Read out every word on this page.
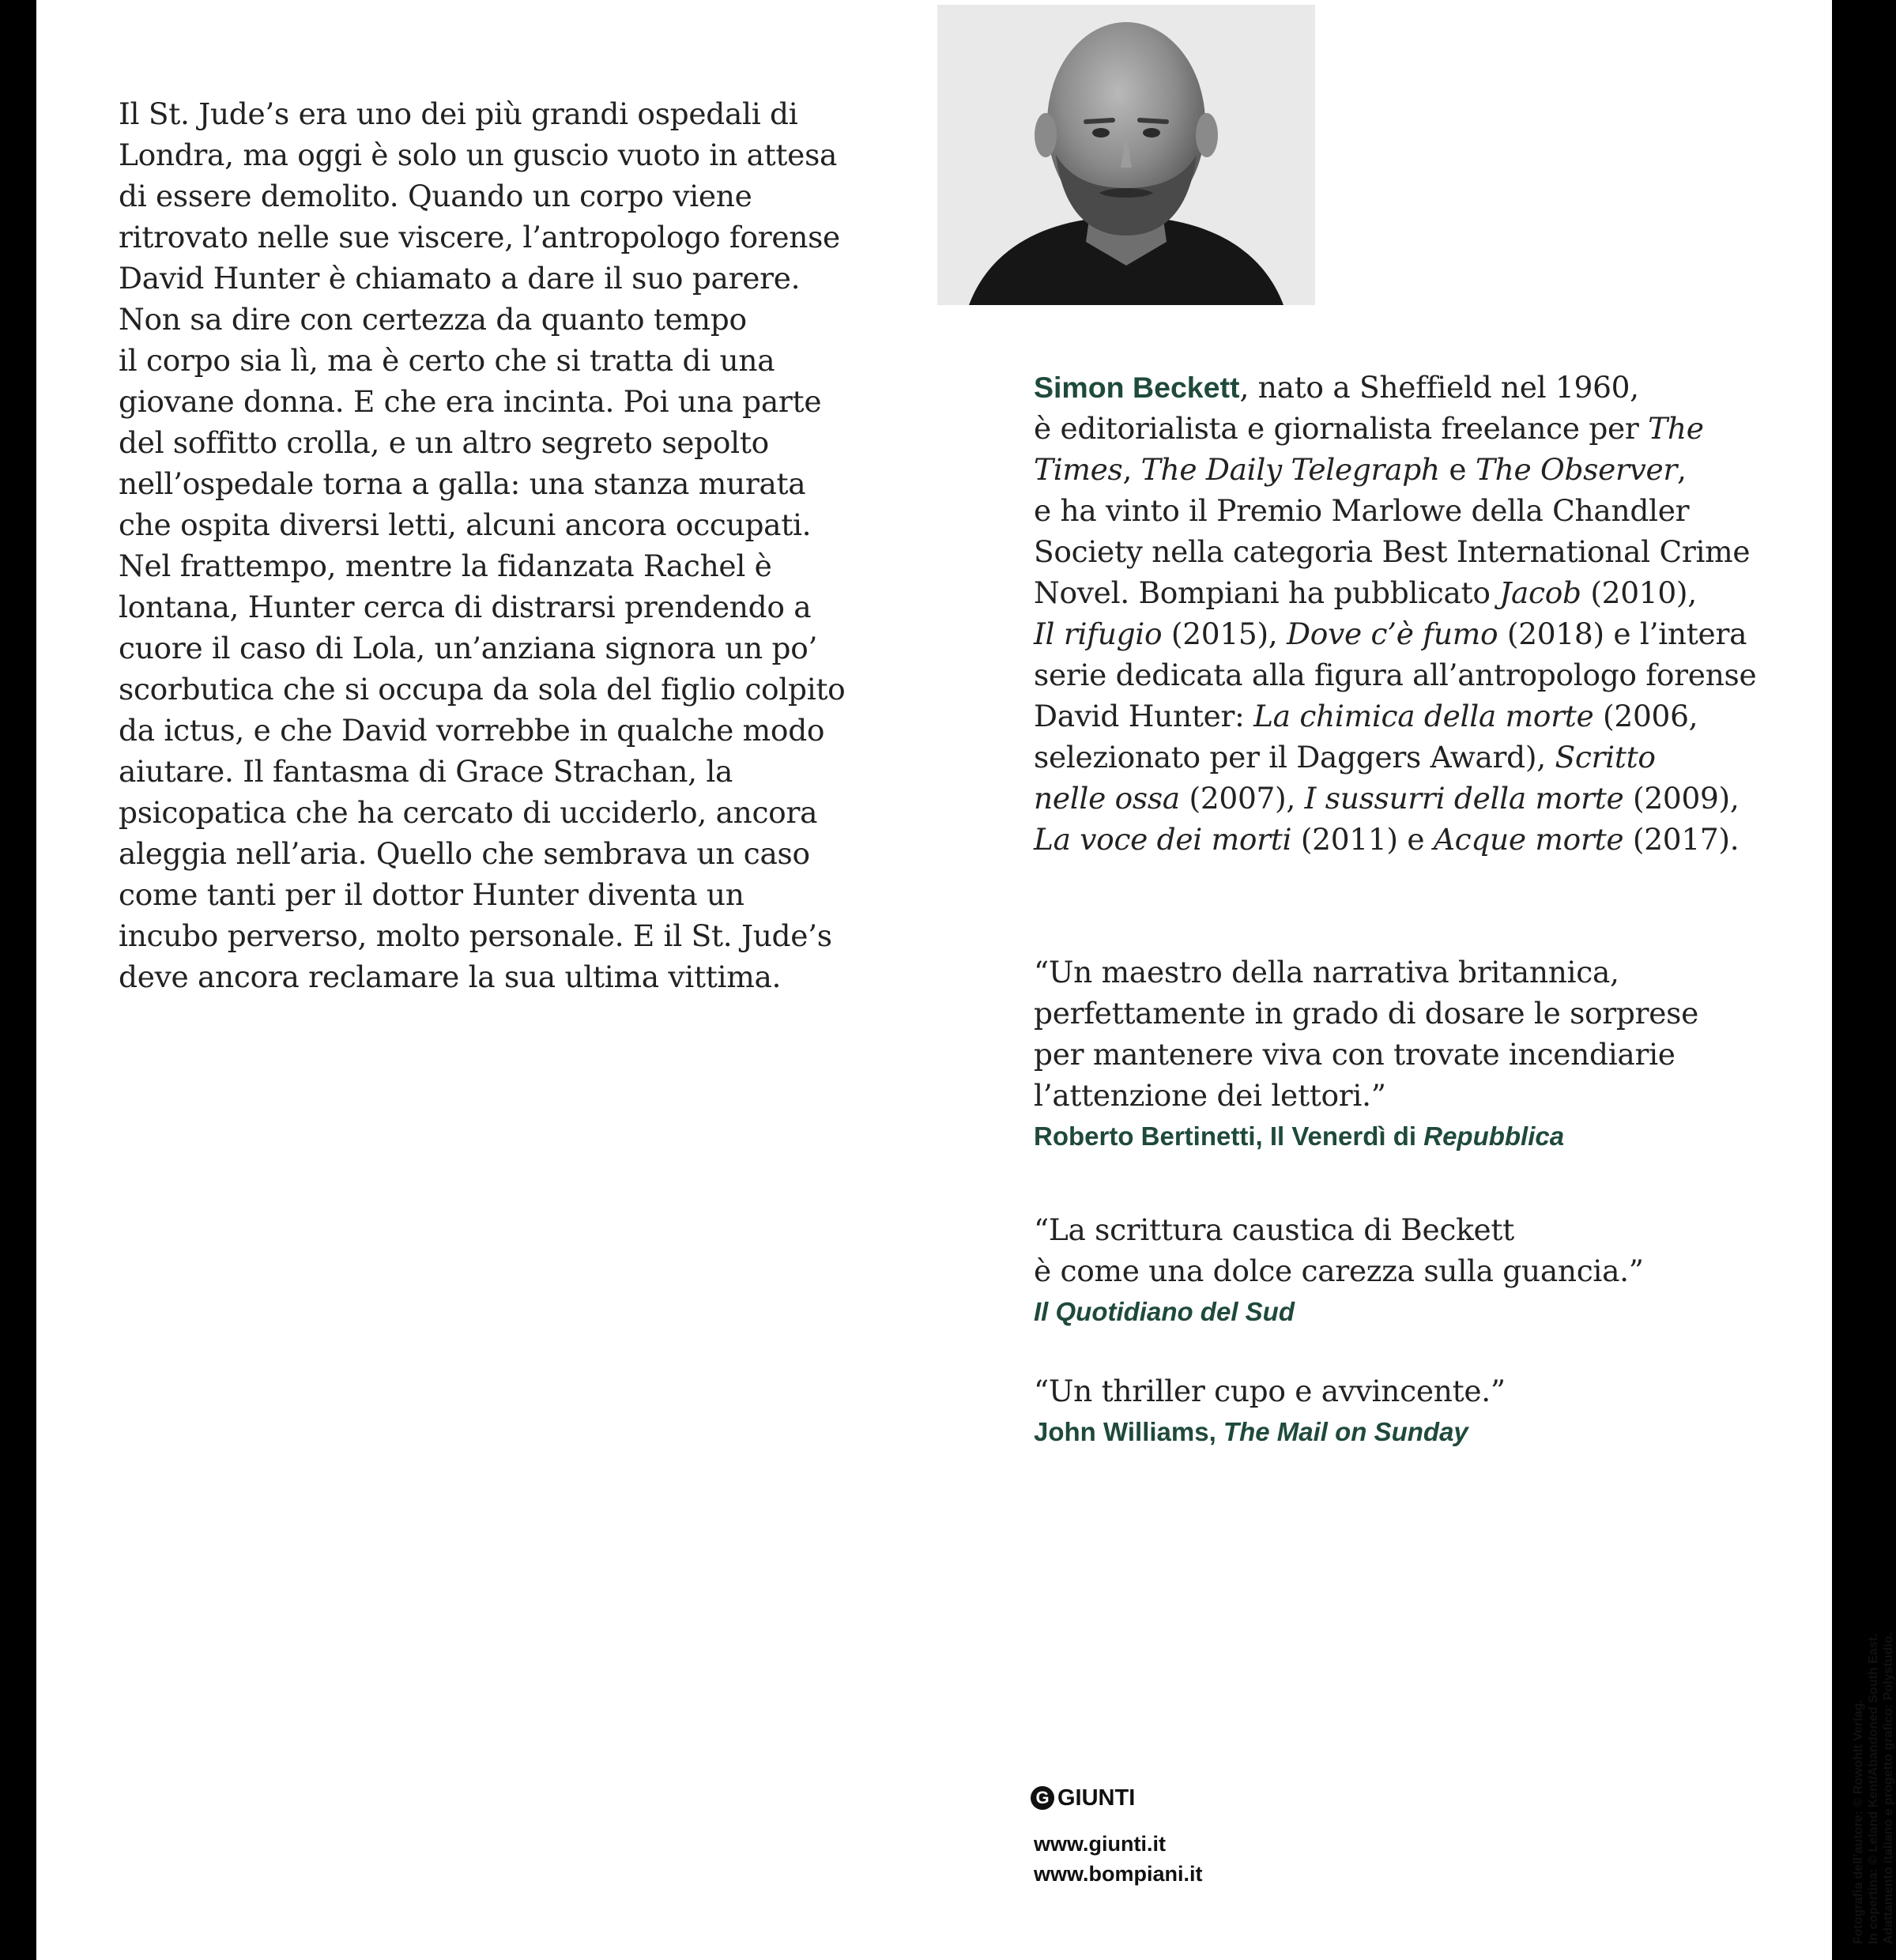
Il St. Jude’s era uno dei più grandi ospedali di
Londra, ma oggi è solo un guscio vuoto in attesa
di essere demolito. Quando un corpo viene
ritrovato nelle sue viscere, l’antropologo forense
David Hunter è chiamato a dare il suo parere.
Non sa dire con certezza da quanto tempo
il corpo sia lì, ma è certo che si tratta di una
giovane donna. E che era incinta. Poi una parte
del soffitto crolla, e un altro segreto sepolto
nell’ospedale torna a galla: una stanza murata
che ospita diversi letti, alcuni ancora occupati.
Nel frattempo, mentre la fidanzata Rachel è
lontana, Hunter cerca di distrarsi prendendo a
cuore il caso di Lola, un’anziana signora un po’
scorbutica che si occupa da sola del figlio colpito
da ictus, e che David vorrebbe in qualche modo
aiutare. Il fantasma di Grace Strachan, la
psicopatica che ha cercato di ucciderlo, ancora
aleggia nell’aria. Quello che sembrava un caso
come tanti per il dottor Hunter diventa un
incubo perverso, molto personale. E il St. Jude’s
deve ancora reclamare la sua ultima vittima.
Simon Beckett, nato a Sheffield nel 1960,
è editorialista e giornalista freelance per The
Times, The Daily Telegraph e The Observer,
e ha vinto il Premio Marlowe della Chandler
Society nella categoria Best International Crime
Novel. Bompiani ha pubblicato Jacob (2010),
Il rifugio (2015), Dove c’è fumo (2018) e l’intera
serie dedicata alla figura all’antropologo forense
David Hunter: La chimica della morte (2006,
selezionato per il Daggers Award), Scritto
nelle ossa (2007), I sussurri della morte (2009),
La voce dei morti (2011) e Acque morte (2017).
“Un maestro della narrativa britannica,
perfettamente in grado di dosare le sorprese
per mantenere viva con trovate incendiarie
l’attenzione dei lettori.”
Roberto Bertinetti, Il Venerdì di Repubblica
“La scrittura caustica di Beckett
è come una dolce carezza sulla guancia.”
Il Quotidiano del Sud
“Un thriller cupo e avvincente.”
John Williams, The Mail on Sunday
G GIUNTI
www.giunti.it
www.bompiani.it	Fotografia dell’autore: © Rowohlt Verlag. In copertina: © Leland Kent/Abandoned South East. Adattamento italiano e progetto grafico: Polystudio.
